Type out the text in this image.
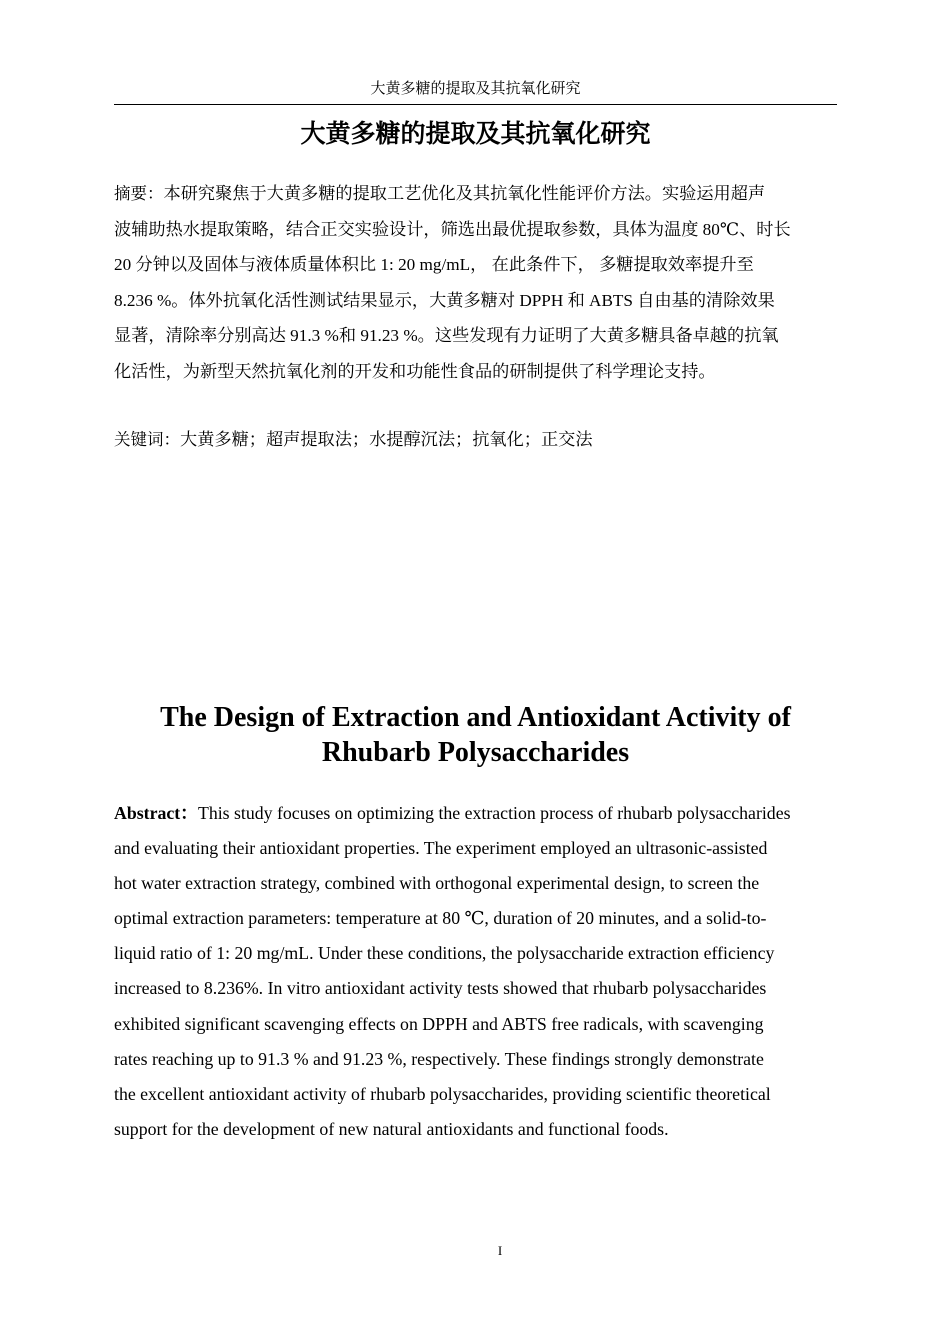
大黄多糖的提取及其抗氧化研究
大黄多糖的提取及其抗氧化研究
摘要：本研究聚焦于大黄多糖的提取工艺优化及其抗氧化性能评价方法。实验运用超声
波辅助热水提取策略，结合正交实验设计，筛选出最优提取参数，具体为温度 80℃、时长
20 分钟以及固体与液体质量体积比 1: 20 mg/mL， 在此条件下， 多糖提取效率提升至
8.236 %。体外抗氧化活性测试结果显示，大黄多糖对 DPPH 和 ABTS 自由基的清除效果
显著，清除率分别高达 91.3 %和 91.23 %。这些发现有力证明了大黄多糖具备卓越的抗氧
化活性，为新型天然抗氧化剂的开发和功能性食品的研制提供了科学理论支持。
关键词：大黄多糖；超声提取法；水提醇沉法；抗氧化；正交法
The Design of Extraction and Antioxidant Activity of
Rhubarb Polysaccharides
Abstract：This study focuses on optimizing the extraction process of rhubarb polysaccharides
and evaluating their antioxidant properties. The experiment employed an ultrasonic-assisted
hot water extraction strategy, combined with orthogonal experimental design, to screen the
optimal extraction parameters: temperature at 80 ℃, duration of 20 minutes, and a solid-to-
liquid ratio of 1: 20 mg/mL. Under these conditions, the polysaccharide extraction efficiency
increased to 8.236%. In vitro antioxidant activity tests showed that rhubarb polysaccharides
exhibited significant scavenging effects on DPPH and ABTS free radicals, with scavenging
rates reaching up to 91.3 % and 91.23 %, respectively. These findings strongly demonstrate
the excellent antioxidant activity of rhubarb polysaccharides, providing scientific theoretical
support for the development of new natural antioxidants and functional foods.
I
